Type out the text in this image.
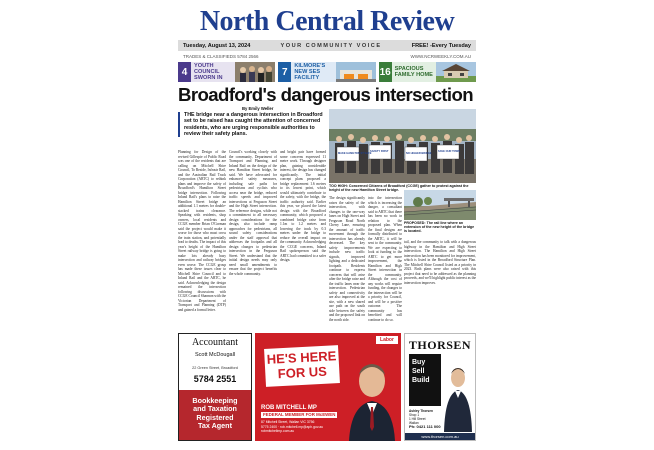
North Central Review
Tuesday, August 13, 2024	YOUR COMMUNITY VOICE	FREE! -Every Tuesday
TRADES & CLASSIFIEDS 5784 2566	WWW.NCRWEEKLY.COM.AU
4
YOUTH COUNCIL SWORN IN
7
KILMORE'S NEW SES FACILITY
16 SPACIOUS FAMILY HOME
Broadford's dangerous intersection
By Emily Weller
THE bridge near a dangerous intersection in Broadford set to be raised has caught the attention of concerned residents, who are urging responsible authorities to review their safety plans.
Planning for Design of the revised Gillespie of Public Road was one of the residents that are calling on Mitchell Shire Council, To Reside, Infrastr Rail, and the Australian Rail Track Corporation (ARTC) to rethink plans and improve the safety of Broadford's Hamilton Street bridge intersection. Following Inland Rail's plans to raise the Hamilton Street bridge an additional 1.1 metres for double-stacked trains clearance. Speaking with residents, shop owners, local residents and CCGE member Brian O'Gorman said the project would make it worse for those who must cross the train station, and potentially lead to deaths. The impact of this year's height of the Hamilton Street railway bridge is going to make lots already busy intersection and railway bridges even worse. The CCGE group has made these issues clear to Mitchell Shire Council and to Inland Rail and the ARTC, he said. Acknowledging the design remained the intersection following discussions with CCGE Council Shannon with the Victorian Department of Transport and Planning (DTP) and gained a formal letter.
Council's working closely with the community, Department of Transport and Planning, and Inland Rail on the design of the new Hamilton Street bridge, he said. We have advocated for enhanced safety measures, including safe paths for pedestrians and cyclists who access near the bridge, reduced traffic speeds and improved intersections at Ferguson Street and the High Street intersection. The reference designs, while not a commitment to all necessary design considerations for the design, also include ramp approaches for pedestrians, all sound safety considerations under the staff approval that addresses the footpaths and all design changes to pedestrian intersection in the Ferguson Street. We understand that the initial design needs may only need small amendments to ensure that the project benefits the whole community.
and bright pair have formed some concerns expressed 11 metre work. Through designer plan, gaining considerable interest, the design has changed significantly. The initial concept plans proposed a bridge replacement 1.6 metres to its lowest point, which would ultimately contribute to the safety, with the bridge, the traffic authority said. Earlier this year, we placed the latest design with the Broadford community, which proposed a combined bridge raise from 1.1m to 1.2 metres and lowering the track by 0.3 metres under the bridge to reduce the overall impact on the community. Acknowledging the CCGE concerns, Inland Rail spokesperson said the ARTC had committed to a safer design.
The design significantly raises the safety of the intersection, with changes to the one-way lanes on High Street and Ferguson Road North Cherry Lane, ensuring the amount of traffic movement through the intersection has already decreased. The key safety improvements include new traffic signals, improved lighting and a dedicated footpath. Residents continue to express concerns that will arise after the bridge raise and the traffic lanes near the intersection. Pedestrian safety and connectivity are also improved at the site, with a new shared use path on the south side between the safety and the proposed link on the north side.
into the intersection which is increasing the danger, a consultant said to ARTC that there has been no work in relation to the proposed plan. When the final designs are formally distributed to the ARTC, it will be sent to the community. We are expecting to look at funding to the ARTC to get more improvement, the Hamilton and High Street intersection in the community. Although the cost of any works will require funding, the changes to the intersection will be a priority for Council, and will be a positive outcome. The community has benefited and will continue to do so.
tail, and the community to talk with a dangerous highway in the Hamilton and High Street intersection. The Hamilton and High Street intersection has been monitored for improvement, which is listed in the Broadford Structure Plan. The Mitchell Shire Council listed as a priority in 2023. Both plans were also raised with this project that need to be addressed as the planning proceeds, and we'll highlight public interest as the intersection improves.
MAKE HAMILTON ST SAFE
SAFETY FIRST
NO HIGHER BRIDGE
SAVE OUR TOWN
TOO HIGH: Concerned Citizens of Broadford (CCGE) gather to protest against the height of the new Hamilton Street bridge.
PROPOSED: The rail line where an extension of the new height of the bridge is located.
Accountant
Scott McDougall
22 Green Street, Broadford
5784 2551
Bookkeeping
and Taxation
Registered
Tax Agent
Labor
HE'S HERE
FOR US
ROB MITCHELL MP
FEDERAL MEMBER FOR McEWEN
87 Mitchell Street, Wallan VIC 3756
5775 2400 · rob.mitchell.mp@aph.gov.au
robmitchellmp.com.au
THORSEN
Buy
Sell
Build
Ashley Thorsen
Shop 1
1 Hill Street
Wallan
Ph: 0421 111 000
www.thorsen.com.au
